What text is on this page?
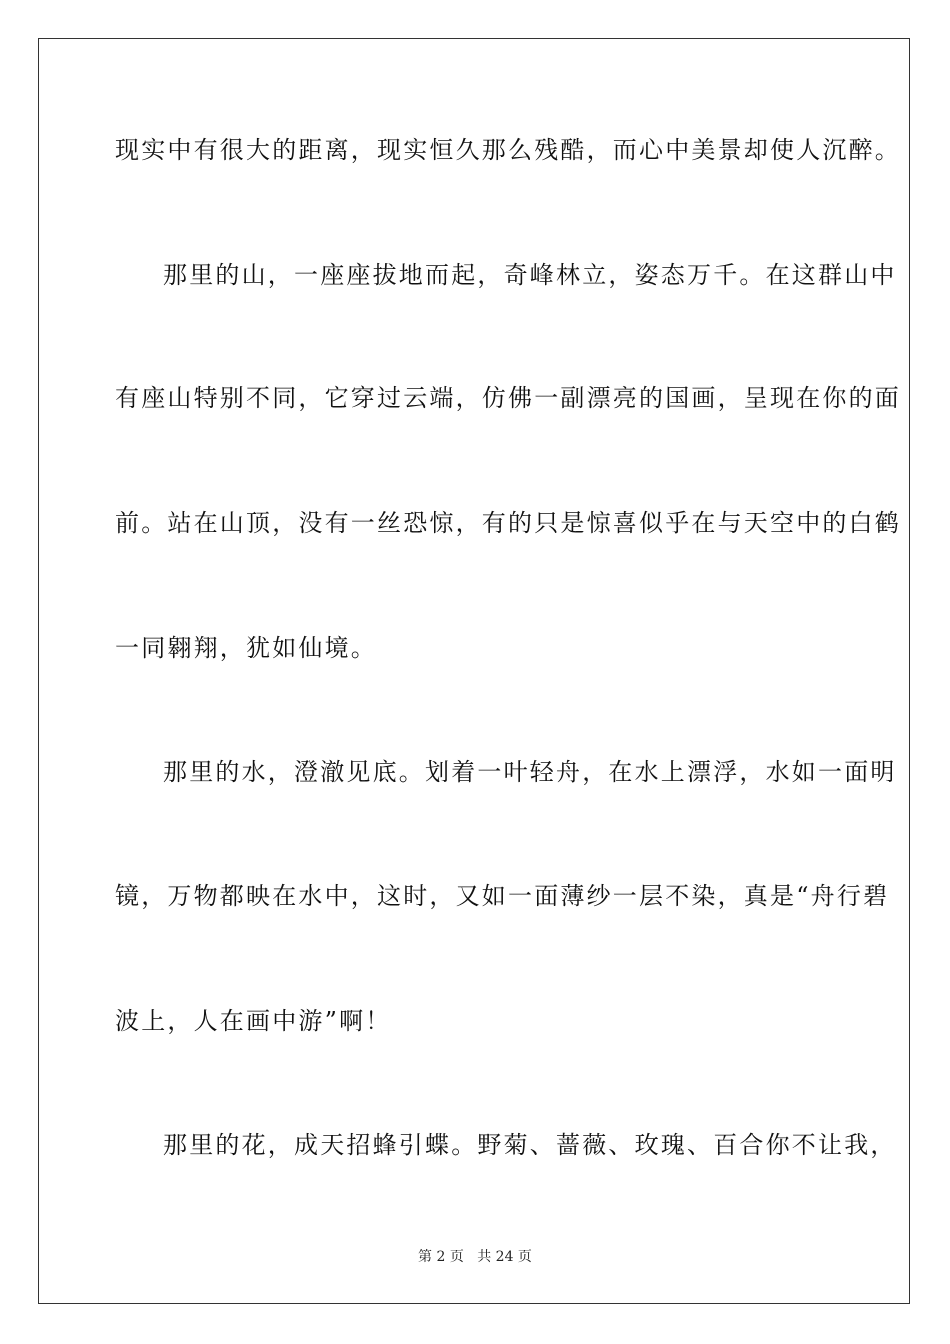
现实中有很大的距离，现实恒久那么残酷，而心中美景却使人沉醉。
那里的山，一座座拔地而起，奇峰林立，姿态万千。在这群山中
有座山特别不同，它穿过云端，仿佛一副漂亮的国画，呈现在你的面
前。站在山顶，没有一丝恐惊，有的只是惊喜似乎在与天空中的白鹤
一同翱翔，犹如仙境。
那里的水，澄澈见底。划着一叶轻舟，在水上漂浮，水如一面明
镜，万物都映在水中，这时，又如一面薄纱一层不染，真是“舟行碧
波上，人在画中游”啊！
那里的花，成天招蜂引蝶。野菊、蔷薇、玫瑰、百合你不让我，
第 2 页 共 24 页
